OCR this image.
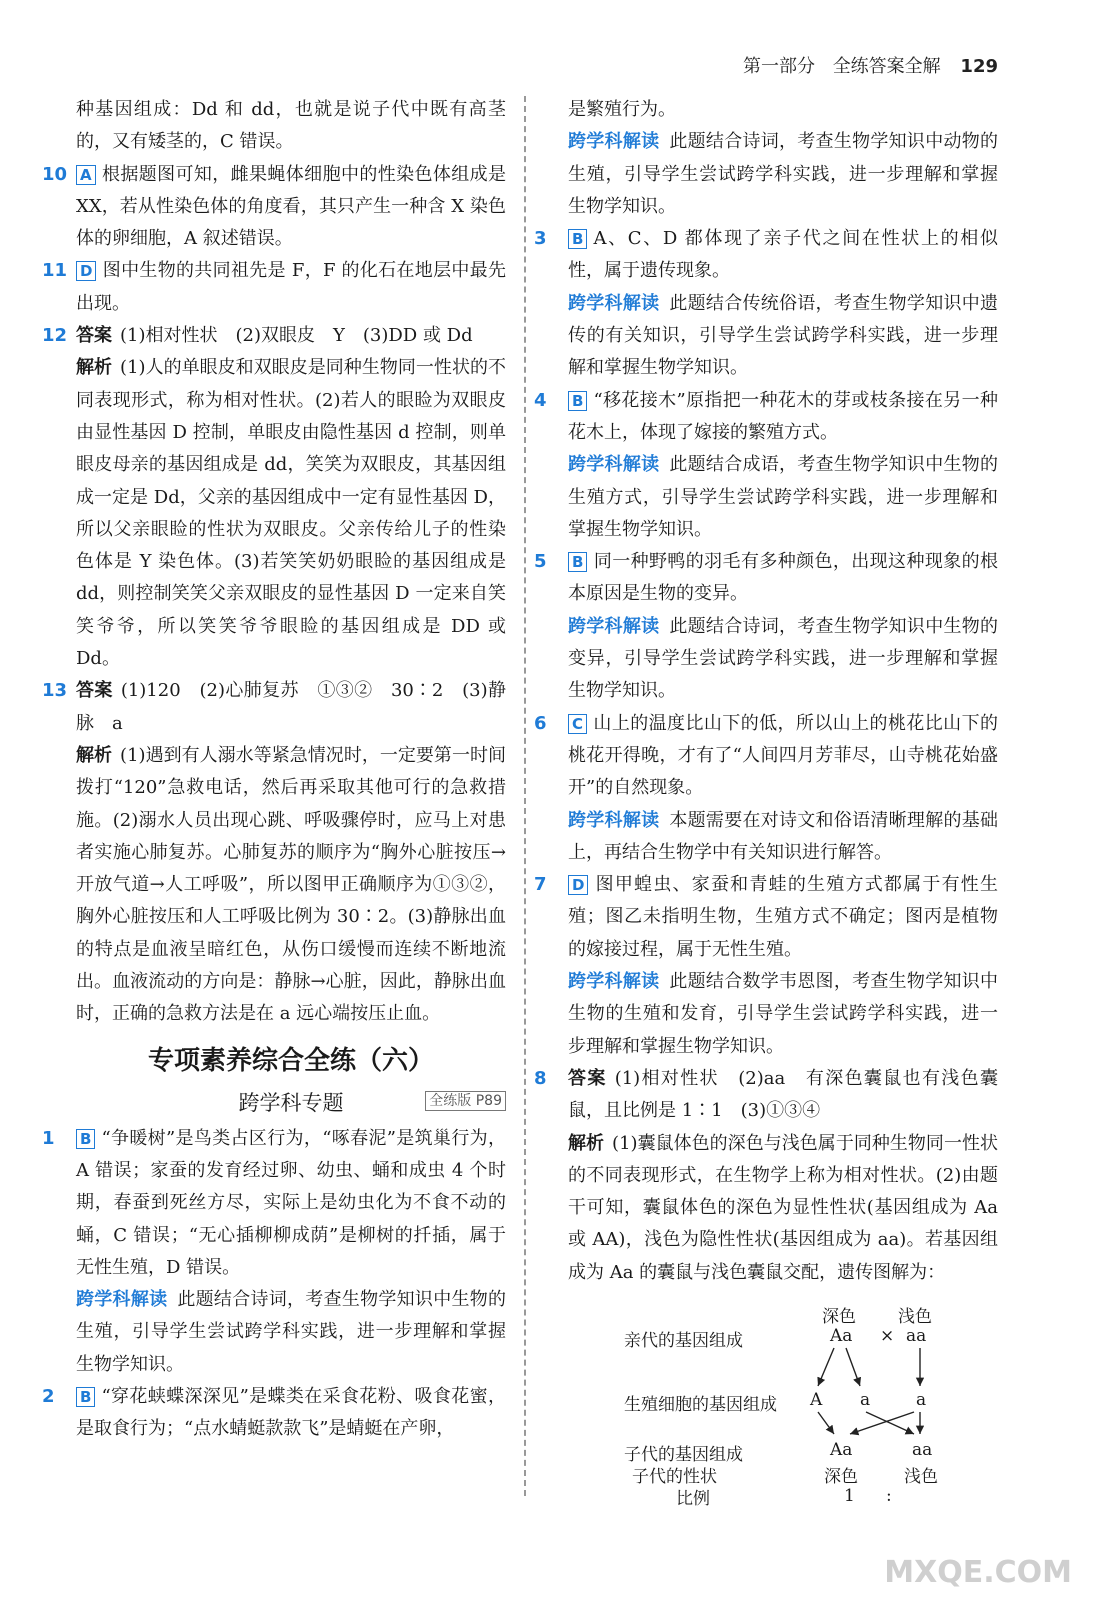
第一部分 全练答案全解 129

种基因组成：Dd 和 dd，也就是说子代中既有高茎的，又有矮茎的，C 错误。

10 A 根据题图可知，雌果蝇体细胞中的性染色体组成是 XX，若从性染色体的角度看，其只产生一种含 X 染色体的卵细胞，A 叙述错误。

11 D 图中生物的共同祖先是 F，F 的化石在地层中最先出现。

12 答案 (1)相对性状　(2)双眼皮　Y　(3)DD 或 Dd

解析 (1)人的单眼皮和双眼皮是同种生物同一性状的不同表现形式，称为相对性状。(2)若人的眼睑为双眼皮由显性基因 D 控制，单眼皮由隐性基因 d 控制，则单眼皮母亲的基因组成是 dd，笑笑为双眼皮，其基因组成一定是 Dd，父亲的基因组成中一定有显性基因 D，所以父亲眼睑的性状为双眼皮。父亲传给儿子的性染色体是 Y 染色体。(3)若笑笑奶奶眼睑的基因组成是 dd，则控制笑笑父亲双眼皮的显性基因 D 一定来自笑笑爷爷，所以笑笑爷爷眼睑的基因组成是 DD 或 Dd。

13 答案 (1)120　(2)心肺复苏　①③②　30∶2　(3)静脉　a

解析 (1)遇到有人溺水等紧急情况时，一定要第一时间拨打“120”急救电话，然后再采取其他可行的急救措施。(2)溺水人员出现心跳、呼吸骤停时，应马上对患者实施心肺复苏。心肺复苏的顺序为“胸外心脏按压→开放气道→人工呼吸”，所以图甲正确顺序为①③②，胸外心脏按压和人工呼吸比例为 30∶2。(3)静脉出血的特点是血液呈暗红色，从伤口缓慢而连续不断地流出。血液流动的方向是：静脉→心脏，因此，静脉出血时，正确的急救方法是在 a 远心端按压止血。

专项素养综合全练（六）
跨学科专题	全练版 P89

1	B “争暖树”是鸟类占区行为，“啄春泥”是筑巢行为，A 错误；家蚕的发育经过卵、幼虫、蛹和成虫 4 个时期，春蚕到死丝方尽，实际上是幼虫化为不食不动的蛹，C 错误；“无心插柳柳成荫”是柳树的扦插，属于无性生殖，D 错误。

跨学科解读 此题结合诗词，考查生物学知识中生物的生殖，引导学生尝试跨学科实践，进一步理解和掌握生物学知识。

2	B “穿花蛱蝶深深见”是蝶类在采食花粉、吸食花蜜，是取食行为；“点水蜻蜓款款飞”是蜻蜓在产卵，

是繁殖行为。

跨学科解读 此题结合诗词，考查生物学知识中动物的生殖，引导学生尝试跨学科实践，进一步理解和掌握生物学知识。

3	B A、C、D 都体现了亲子代之间在性状上的相似性，属于遗传现象。

跨学科解读 此题结合传统俗语，考查生物学知识中遗传的有关知识，引导学生尝试跨学科实践，进一步理解和掌握生物学知识。

4	B “移花接木”原指把一种花木的芽或枝条接在另一种花木上，体现了嫁接的繁殖方式。

跨学科解读 此题结合成语，考查生物学知识中生物的生殖方式，引导学生尝试跨学科实践，进一步理解和掌握生物学知识。

5	B 同一种野鸭的羽毛有多种颜色，出现这种现象的根本原因是生物的变异。

跨学科解读 此题结合诗词，考查生物学知识中生物的变异，引导学生尝试跨学科实践，进一步理解和掌握生物学知识。

6	C 山上的温度比山下的低，所以山上的桃花比山下的桃花开得晚，才有了“人间四月芳菲尽，山寺桃花始盛开”的自然现象。

跨学科解读 本题需要在对诗文和俗语清晰理解的基础上，再结合生物学中有关知识进行解答。

7	D 图甲蝗虫、家蚕和青蛙的生殖方式都属于有性生殖；图乙未指明生物，生殖方式不确定；图丙是植物的嫁接过程，属于无性生殖。

跨学科解读 此题结合数学韦恩图，考查生物学知识中生物的生殖和发育，引导学生尝试跨学科实践，进一步理解和掌握生物学知识。

8	答案 (1)相对性状　(2)aa　有深色囊鼠也有浅色囊鼠，且比例是 1∶1　(3)①③④

解析 (1)囊鼠体色的深色与浅色属于同种生物同一性状的不同表现形式，在生物学上称为相对性状。(2)由题干可知，囊鼠体色的深色为显性性状(基因组成为 Aa 或 AA)，浅色为隐性性状(基因组成为 aa)。若基因组成为 Aa 的囊鼠与浅色囊鼠交配，遗传图解为：

亲代的基因组成
生殖细胞的基因组成
子代的基因组成
子代的性状
比例
深色 浅色
Aa × aa
A a	a
Aa	aa
深色	浅色
1 :
MXQE.COM
